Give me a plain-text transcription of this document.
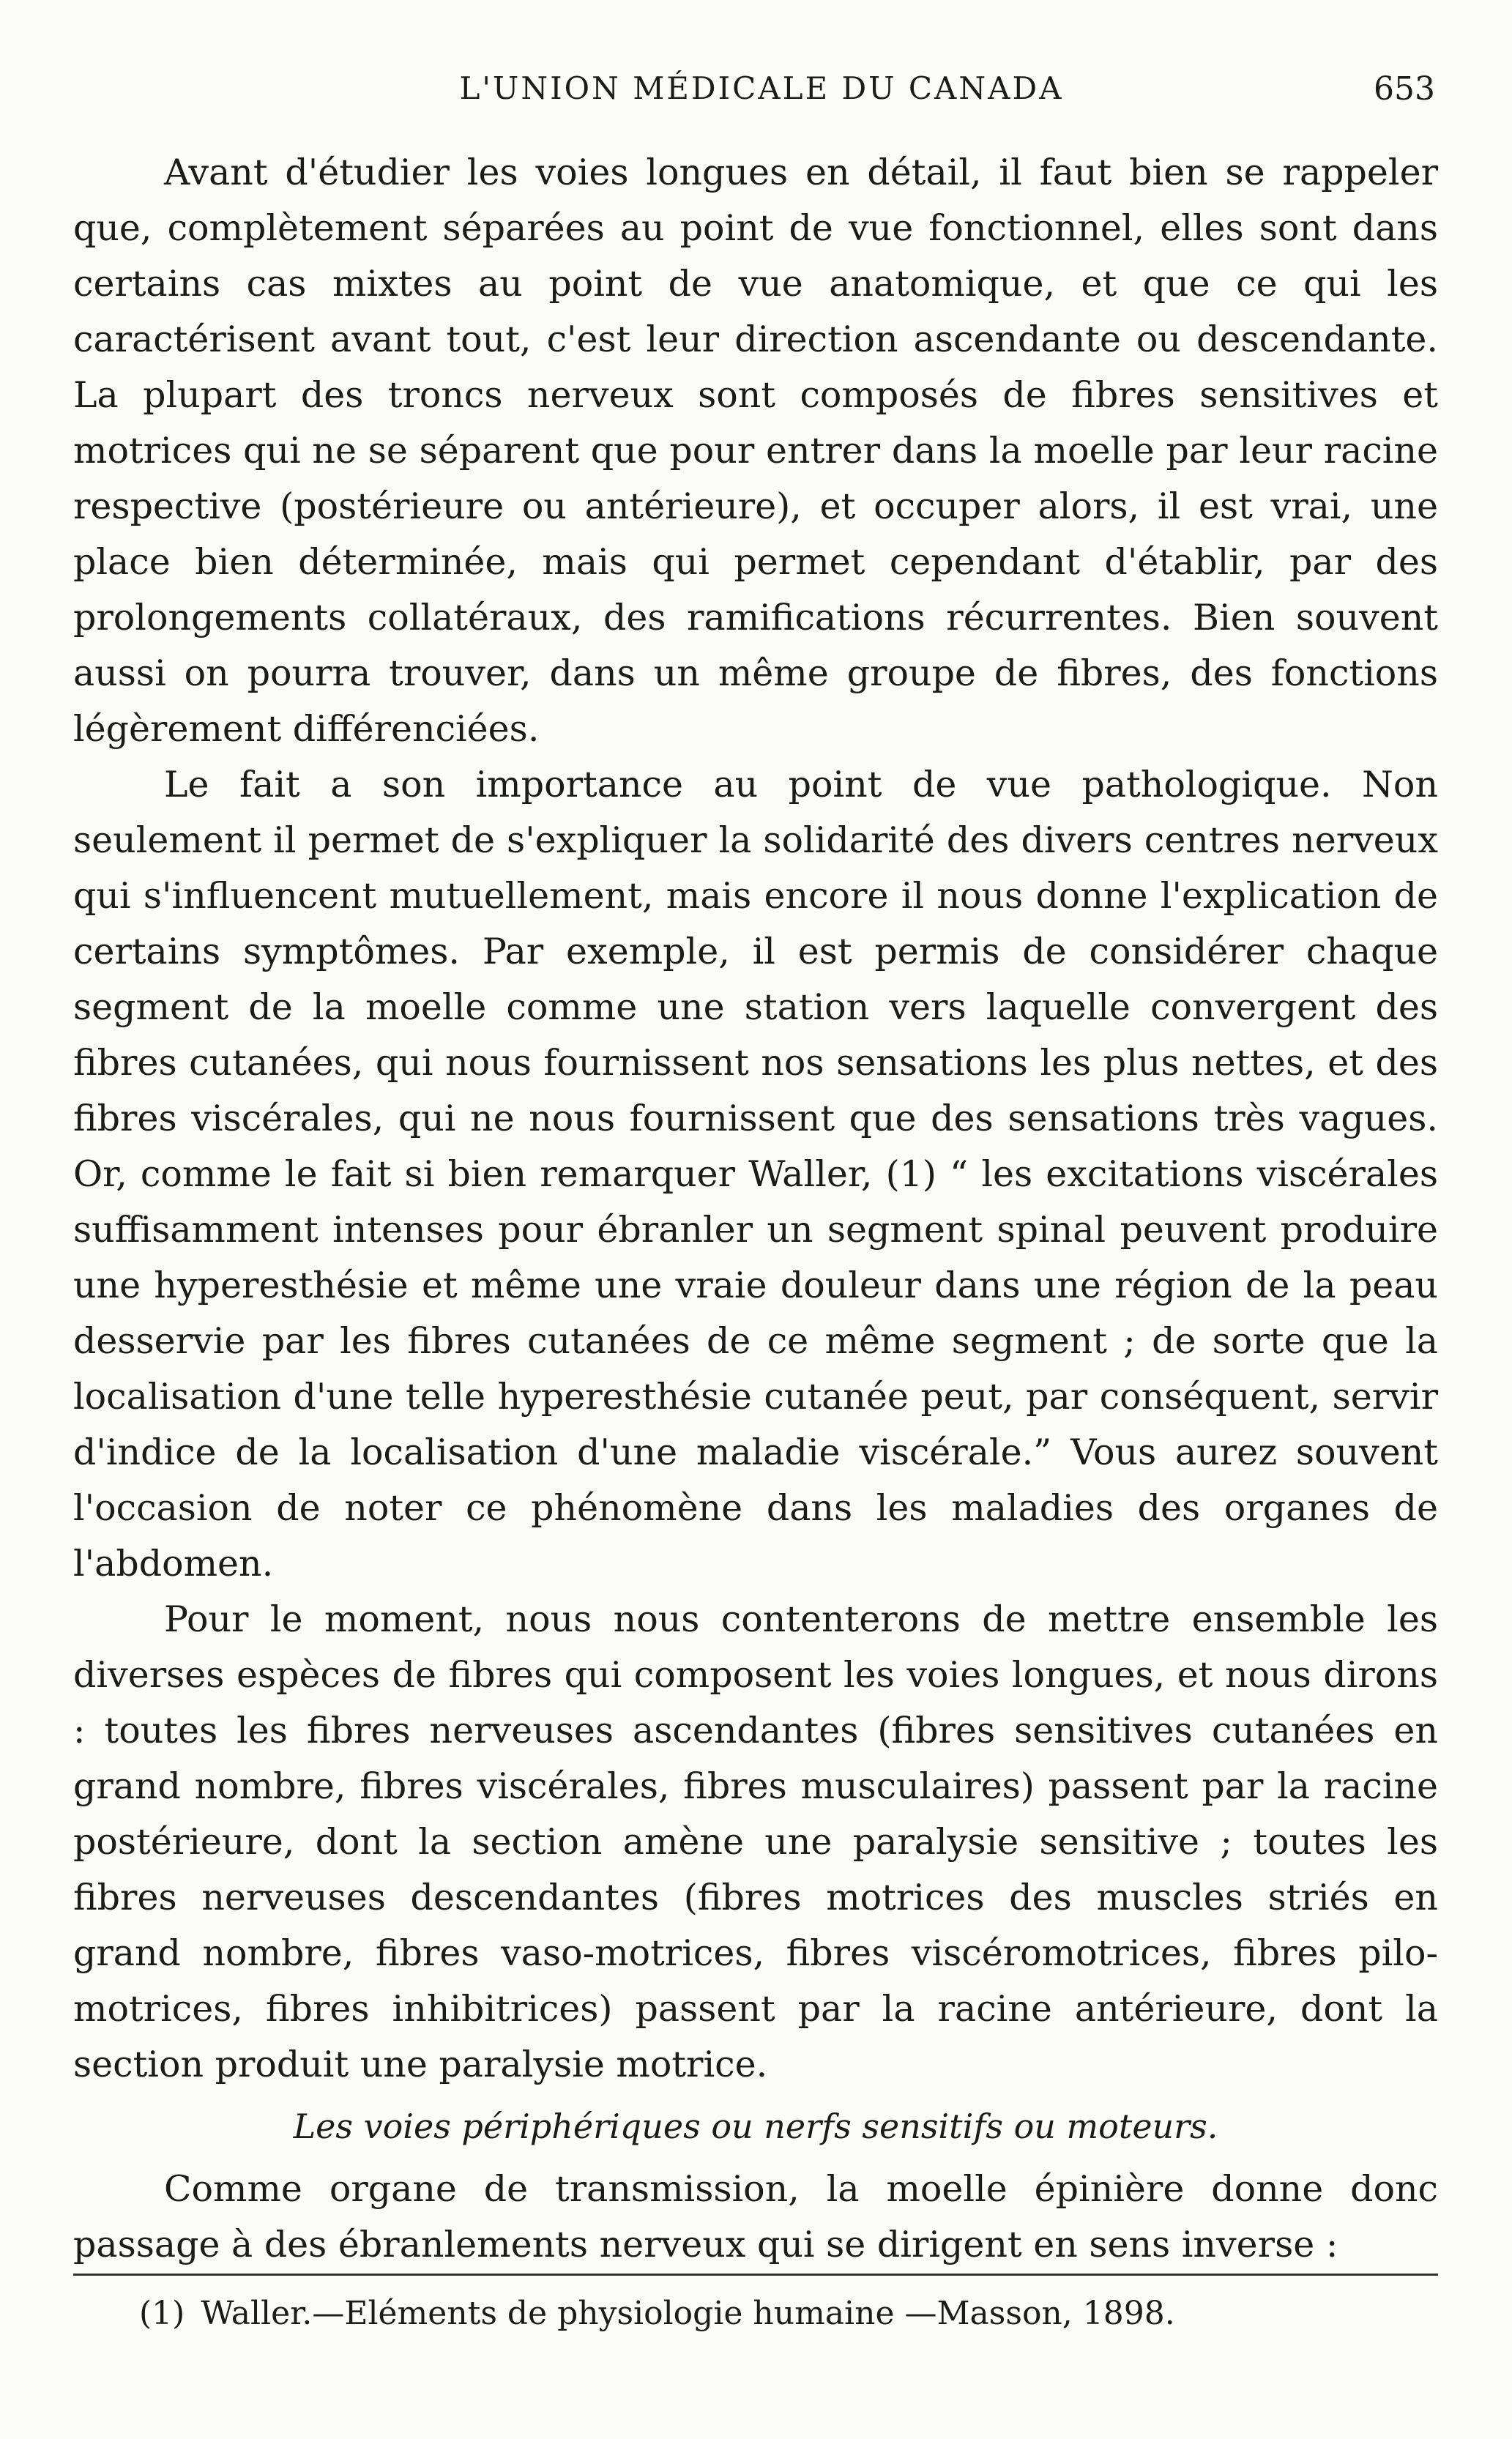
L'UNION MÉDICALE DU CANADA	653

Avant d'étudier les voies longues en détail, il faut bien se rappeler que, complètement séparées au point de vue fonctionnel, elles sont dans certains cas mixtes au point de vue anatomique, et que ce qui les caractérisent avant tout, c'est leur direction ascendante ou descendante. La plupart des troncs nerveux sont composés de fibres sensitives et motrices qui ne se séparent que pour entrer dans la moelle par leur racine respective (postérieure ou antérieure), et occuper alors, il est vrai, une place bien déterminée, mais qui permet cependant d'établir, par des prolongements collatéraux, des ramifications récurrentes. Bien souvent aussi on pourra trouver, dans un même groupe de fibres, des fonctions légèrement différenciées.

Le fait a son importance au point de vue pathologique. Non seulement il permet de s'expliquer la solidarité des divers centres nerveux qui s'influencent mutuellement, mais encore il nous donne l'explication de certains symptômes. Par exemple, il est permis de considérer chaque segment de la moelle comme une station vers laquelle convergent des fibres cutanées, qui nous fournissent nos sensations les plus nettes, et des fibres viscérales, qui ne nous fournissent que des sensations très vagues. Or, comme le fait si bien remarquer Waller, (1) “ les excitations viscérales suffisamment intenses pour ébranler un segment spinal peuvent produire une hyperesthésie et même une vraie douleur dans une région de la peau desservie par les fibres cutanées de ce même segment ; de sorte que la localisation d'une telle hyperesthésie cutanée peut, par conséquent, servir d'indice de la localisation d'une maladie viscérale.” Vous aurez souvent l'occasion de noter ce phénomène dans les maladies des organes de l'abdomen.

Pour le moment, nous nous contenterons de mettre ensemble les diverses espèces de fibres qui composent les voies longues, et nous dirons : toutes les fibres nerveuses ascendantes (fibres sensitives cutanées en grand nombre, fibres viscérales, fibres musculaires) passent par la racine postérieure, dont la section amène une paralysie sensitive ; toutes les fibres nerveuses descendantes (fibres motrices des muscles striés en grand nombre, fibres vaso-motrices, fibres viscéromotrices, fibres pilo-motrices, fibres inhibitrices) passent par la racine antérieure, dont la section produit une paralysie motrice.

Les voies périphériques ou nerfs sensitifs ou moteurs.

Comme organe de transmission, la moelle épinière donne donc passage à des ébranlements nerveux qui se dirigent en sens inverse :

(1) Waller.—Eléments de physiologie humaine —Masson, 1898.
